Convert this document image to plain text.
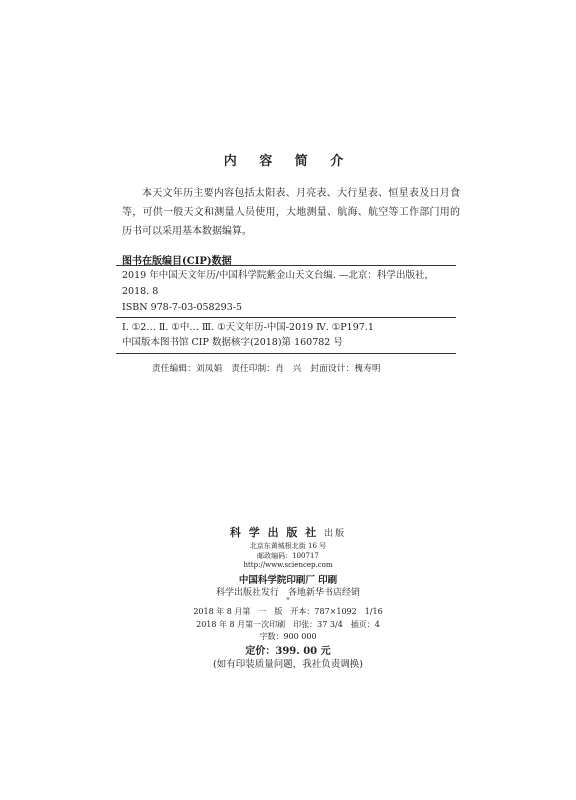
内 容 简 介

本天文年历主要内容包括太阳表、月亮表、大行星表、恒星表及日月食等，可供一般天文和测量人员使用，大地测量、航海、航空等工作部门用的历书可以采用基本数据编算。

图书在版编目(CIP)数据
2019 年中国天文年历/中国科学院紫金山天文台编. —北京：科学出版社，2018. 8
ISBN 978-7-03-058293-5
Ⅰ. ①2… Ⅱ. ①中… Ⅲ. ①天文年历-中国-2019 Ⅳ. ①P197.1
中国版本图书馆 CIP 数据核字(2018)第 160782 号
责任编辑：刘凤娟　责任印制：肖　兴　封面设计：槐寿明
科 学 出 版 社 出版
北京东黄城根北街 16 号
邮政编码：100717
http://www.sciencep.com
中国科学院印刷厂 印刷
科学出版社发行　各地新华书店经销
*
2018 年 8 月第　一　版　开本：787×1092　1/16
2018 年 8 月第一次印刷　印张：37 3/4　插页：4
字数：900 000
定价：399. 00 元
(如有印装质量问题，我社负责调换)
